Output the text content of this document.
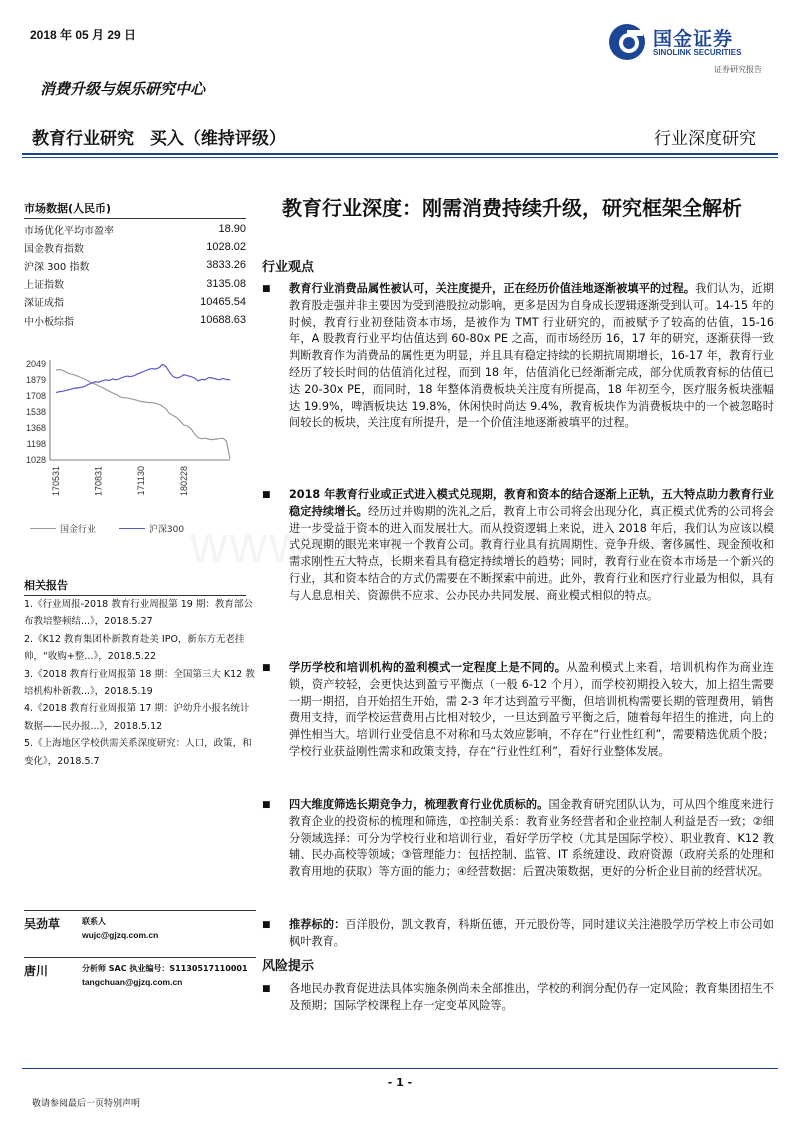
2018 年 05 月 29 日	国金证券
SINOLINK SECURITIES
证券研究报告
消费升级与娱乐研究中心
教育行业研究 买入（维持评级）	行业深度研究
市场数据(人民币)
市场优化平均市盈率	18.90
国金教育指数	1028.02
沪深 300 指数	3833.26
上证指数	3135.08
深证成指	10465.54
中小板综指	10688.63
2049
1879
1708
1538
1368
1198
1028
170531	170831	171130	180228
国金行业
	沪深300
相关报告
1.《行业周报-2018 教育行业周报第 19 期：教育部公布教培整顿结...》，2018.5.27
2.《K12 教育集团朴新教育赴美 IPO，新东方无老挂帅，“收购+整...》，2018.5.22
3.《2018 教育行业周报第 18 期：全国第三大 K12 教培机构朴新教...》，2018.5.19
4.《2018 教育行业周报第 17 期：沪幼升小报名统计数据——民办报...》，2018.5.12
5.《上海地区学校供需关系深度研究：人口，政策，和变化》，2018.5.7
吴劲草	联系人
wujc@gjzq.com.cn
唐川	分析师 SAC 执业编号：S1130517110001
tangchuan@gjzq.com.cn
教育行业深度：刚需消费持续升级，研究框架全解析
行业观点
■ 教育行业消费品属性被认可，关注度提升，正在经历价值洼地逐渐被填平的过程。我们认为，近期教育股走强并非主要因为受到港股拉动影响，更多是因为自身成长逻辑逐渐受到认可。14-15 年的时候，教育行业初登陆资本市场，是被作为 TMT 行业研究的，而被赋予了较高的估值，15-16 年，A 股教育行业平均估值达到 60-80x PE 之高，而市场经历 16，17 年的研究，逐渐获得一致判断教育作为消费品的属性更为明显，并且具有稳定持续的长期抗周期增长，16-17 年，教育行业经历了较长时间的估值消化过程，而到 18 年，估值消化已经渐渐完成，部分优质教育标的估值已达 20-30x PE，而同时，18 年整体消费板块关注度有所提高，18 年初至今，医疗服务板块涨幅达 19.9%，啤酒板块达 19.8%，休闲快时尚达 9.4%，教育板块作为消费板块中的一个被忽略时间较长的板块，关注度有所提升，是一个价值洼地逐渐被填平的过程。
■ 2018 年教育行业或正式进入模式兑现期，教育和资本的结合逐渐上正轨，五大特点助力教育行业稳定持续增长。经历过并购期的洗礼之后，教育上市公司将会出现分化，真正模式优秀的公司将会进一步受益于资本的进入而发展壮大。而从投资逻辑上来说，进入 2018 年后，我们认为应该以模式兑现期的眼光来审视一个教育公司。教育行业具有抗周期性、竞争升级、奢侈属性、现金预收和需求刚性五大特点，长期来看具有稳定持续增长的趋势；同时，教育行业在资本市场是一个新兴的行业，其和资本结合的方式仍需要在不断探索中前进。此外，教育行业和医疗行业最为相似，具有与人息息相关、资源供不应求、公办民办共同发展、商业模式相似的特点。
■ 学历学校和培训机构的盈利模式一定程度上是不同的。从盈利模式上来看，培训机构作为商业连锁，资产较轻，会更快达到盈亏平衡点（一般 6-12 个月），而学校初期投入较大，加上招生需要一期一期招，自开始招生开始，需 2-3 年才达到盈亏平衡，但培训机构需要长期的管理费用，销售费用支持，而学校运营费用占比相对较少，一旦达到盈亏平衡之后，随着每年招生的推进，向上的弹性相当大。培训行业受信息不对称和马太效应影响，不存在“行业性红利”，需要精选优质个股；学校行业获益刚性需求和政策支持，存在“行业性红利”，看好行业整体发展。
■ 四大维度筛选长期竞争力，梳理教育行业优质标的。国金教育研究团队认为，可从四个维度来进行教育企业的投资标的梳理和筛选，①控制关系：教育业务经营者和企业控制人利益是否一致；②细分领域选择：可分为学校行业和培训行业，看好学历学校（尤其是国际学校）、职业教育、K12 教辅、民办高校等领域；③管理能力：包括控制、监管、IT 系统建设、政府资源（政府关系的处理和教育用地的获取）等方面的能力；④经营数据：后置决策数据，更好的分析企业目前的经营状况。
■ 推荐标的：百洋股份，凯文教育，科斯伍德，开元股份等，同时建议关注港股学历学校上市公司如枫叶教育。
风险提示
■ 各地民办教育促进法具体实施条例尚未全部推出，学校的利润分配仍存一定风险；教育集团招生不及预期；国际学校课程上存一定变革风险等。
- 1 -
敬请参阅最后一页特别声明
